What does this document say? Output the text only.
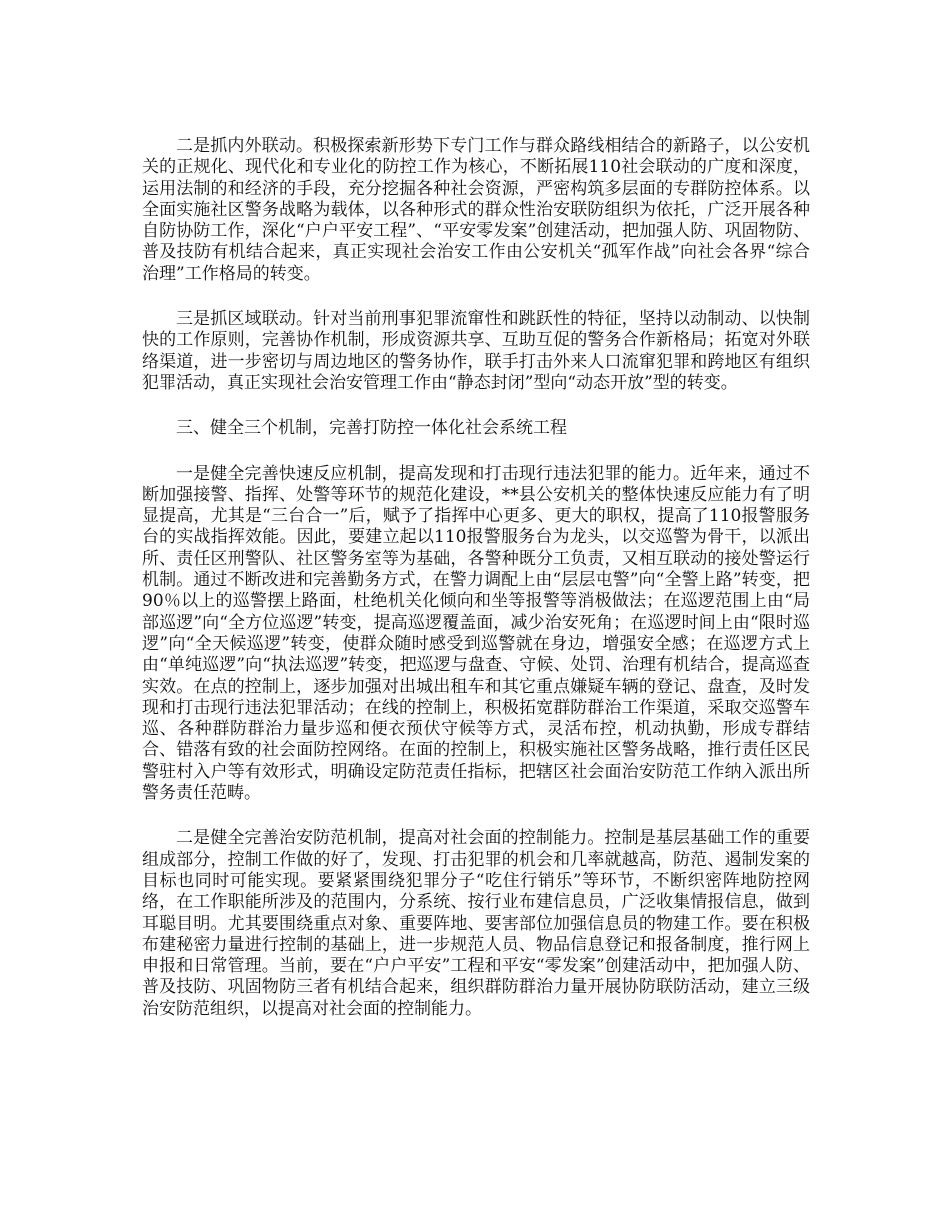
二是抓内外联动。积极探索新形势下专门工作与群众路线相结合的新路子，以公安机关的正规化、现代化和专业化的防控工作为核心，不断拓展110社会联动的广度和深度，运用法制的和经济的手段，充分挖掘各种社会资源，严密构筑多层面的专群防控体系。以全面实施社区警务战略为载体，以各种形式的群众性治安联防组织为依托，广泛开展各种自防协防工作，深化“户户平安工程”、“平安零发案”创建活动，把加强人防、巩固物防、普及技防有机结合起来，真正实现社会治安工作由公安机关“孤军作战”向社会各界“综合治理”工作格局的转变。

三是抓区域联动。针对当前刑事犯罪流窜性和跳跃性的特征，坚持以动制动、以快制快的工作原则，完善协作机制，形成资源共享、互助互促的警务合作新格局；拓宽对外联络渠道，进一步密切与周边地区的警务协作，联手打击外来人口流窜犯罪和跨地区有组织犯罪活动，真正实现社会治安管理工作由“静态封闭”型向“动态开放”型的转变。

三、健全三个机制，完善打防控一体化社会系统工程

一是健全完善快速反应机制，提高发现和打击现行违法犯罪的能力。近年来，通过不断加强接警、指挥、处警等环节的规范化建设，**县公安机关的整体快速反应能力有了明显提高，尤其是“三台合一”后，赋予了指挥中心更多、更大的职权，提高了110报警服务台的实战指挥效能。因此，要建立起以110报警服务台为龙头，以交巡警为骨干，以派出所、责任区刑警队、社区警务室等为基础，各警种既分工负责，又相互联动的接处警运行机制。通过不断改进和完善勤务方式，在警力调配上由“层层屯警”向“全警上路”转变，把90％以上的巡警摆上路面，杜绝机关化倾向和坐等报警等消极做法；在巡逻范围上由“局部巡逻”向“全方位巡逻”转变，提高巡逻覆盖面，减少治安死角；在巡逻时间上由“限时巡逻”向“全天候巡逻”转变，使群众随时感受到巡警就在身边，增强安全感；在巡逻方式上由“单纯巡逻”向“执法巡逻”转变，把巡逻与盘查、守候、处罚、治理有机结合，提高巡查实效。在点的控制上，逐步加强对出城出租车和其它重点嫌疑车辆的登记、盘查，及时发现和打击现行违法犯罪活动；在线的控制上，积极拓宽群防群治工作渠道，采取交巡警车巡、各种群防群治力量步巡和便衣预伏守候等方式，灵活布控，机动执勤，形成专群结合、错落有致的社会面防控网络。在面的控制上，积极实施社区警务战略，推行责任区民警驻村入户等有效形式，明确设定防范责任指标，把辖区社会面治安防范工作纳入派出所警务责任范畴。

二是健全完善治安防范机制，提高对社会面的控制能力。控制是基层基础工作的重要组成部分，控制工作做的好了，发现、打击犯罪的机会和几率就越高，防范、遏制发案的目标也同时可能实现。要紧紧围绕犯罪分子“吃住行销乐”等环节，不断织密阵地防控网络，在工作职能所涉及的范围内，分系统、按行业布建信息员，广泛收集情报信息，做到耳聪目明。尤其要围绕重点对象、重要阵地、要害部位加强信息员的物建工作。要在积极布建秘密力量进行控制的基础上，进一步规范人员、物品信息登记和报备制度，推行网上申报和日常管理。当前，要在“户户平安”工程和平安“零发案”创建活动中，把加强人防、普及技防、巩固物防三者有机结合起来，组织群防群治力量开展协防联防活动，建立三级治安防范组织，以提高对社会面的控制能力。
